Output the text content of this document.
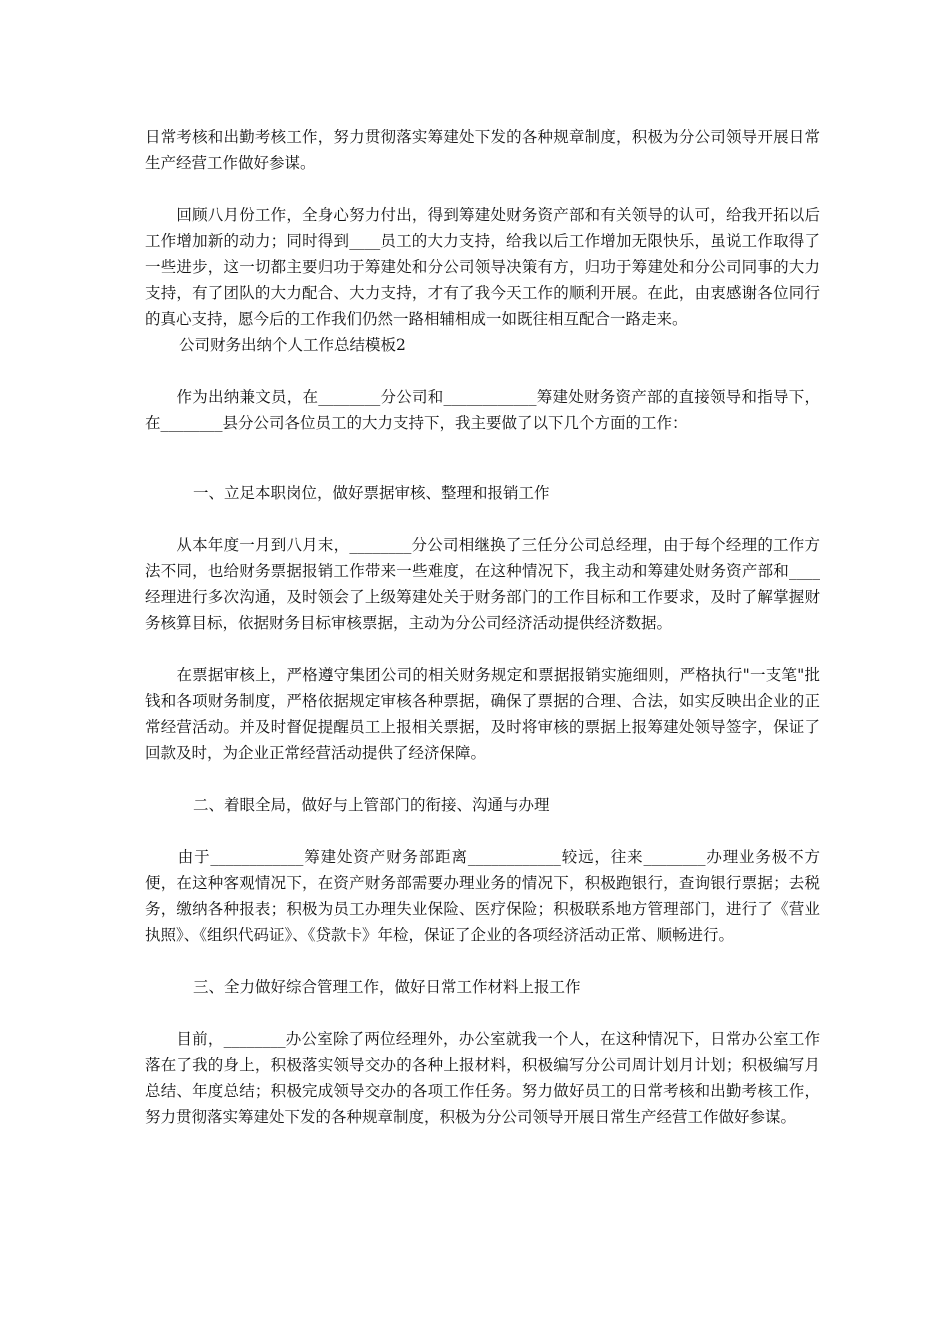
日常考核和出勤考核工作，努力贯彻落实筹建处下发的各种规章制度，积极为分公司领导开展日常生产经营工作做好参谋。

　　回顾八月份工作，全身心努力付出，得到筹建处财务资产部和有关领导的认可，给我开拓以后工作增加新的动力；同时得到____员工的大力支持，给我以后工作增加无限快乐，虽说工作取得了一些进步，这一切都主要归功于筹建处和分公司领导决策有方，归功于筹建处和分公司同事的大力支持，有了团队的大力配合、大力支持，才有了我今天工作的顺利开展。在此，由衷感谢各位同行的真心支持，愿今后的工作我们仍然一路相辅相成一如既往相互配合一路走来。

公司财务出纳个人工作总结模板2

　　作为出纳兼文员，在________分公司和____________筹建处财务资产部的直接领导和指导下，在________县分公司各位员工的大力支持下，我主要做了以下几个方面的工作：

一、立足本职岗位，做好票据审核、整理和报销工作

　　从本年度一月到八月末，________分公司相继换了三任分公司总经理，由于每个经理的工作方法不同，也给财务票据报销工作带来一些难度，在这种情况下，我主动和筹建处财务资产部和____经理进行多次沟通，及时领会了上级筹建处关于财务部门的工作目标和工作要求，及时了解掌握财务核算目标，依据财务目标审核票据，主动为分公司经济活动提供经济数据。

　　在票据审核上，严格遵守集团公司的相关财务规定和票据报销实施细则，严格执行"一支笔"批钱和各项财务制度，严格依据规定审核各种票据，确保了票据的合理、合法，如实反映出企业的正常经营活动。并及时督促提醒员工上报相关票据，及时将审核的票据上报筹建处领导签字，保证了回款及时，为企业正常经营活动提供了经济保障。

二、着眼全局，做好与上管部门的衔接、沟通与办理

　　由于____________筹建处资产财务部距离____________较远，往来________办理业务极不方便，在这种客观情况下，在资产财务部需要办理业务的情况下，积极跑银行，查询银行票据；去税务，缴纳各种报表；积极为员工办理失业保险、医疗保险；积极联系地方管理部门，进行了《营业执照》、《组织代码证》、《贷款卡》年检，保证了企业的各项经济活动正常、顺畅进行。

三、全力做好综合管理工作，做好日常工作材料上报工作

　　目前，________办公室除了两位经理外，办公室就我一个人，在这种情况下，日常办公室工作落在了我的身上，积极落实领导交办的各种上报材料，积极编写分公司周计划月计划；积极编写月总结、年度总结；积极完成领导交办的各项工作任务。努力做好员工的日常考核和出勤考核工作，努力贯彻落实筹建处下发的各种规章制度，积极为分公司领导开展日常生产经营工作做好参谋。
